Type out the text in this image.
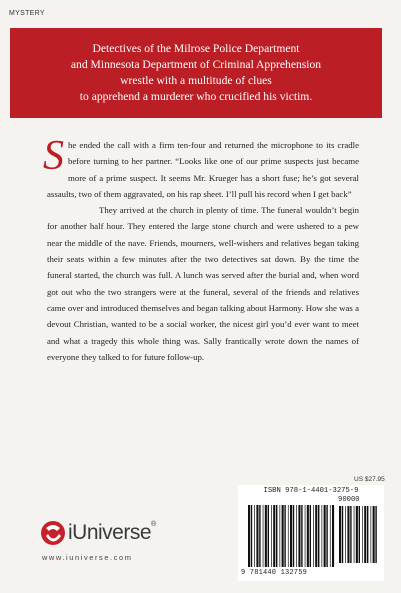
MYSTERY
Detectives of the Milrose Police Department
and Minnesota Department of Criminal Apprehension
wrestle with a multitude of clues
to apprehend a murderer who crucified his victim.

She ended the call with a firm ten-four and returned the microphone to its cradle before turning to her partner. “Looks like one of our prime suspects just became more of a prime suspect. It seems Mr. Krueger has a short fuse; he’s got several assaults, two of them aggravated, on his rap sheet. I’ll pull his record when I get back”

They arrived at the church in plenty of time. The funeral wouldn’t begin for another half hour. They entered the large stone church and were ushered to a pew near the middle of the nave. Friends, mourners, well-wishers and relatives began taking their seats within a few minutes after the two detectives sat down. By the time the funeral started, the church was full. A lunch was served after the burial and, when word got out who the two strangers were at the funeral, several of the friends and relatives came over and introduced themselves and began talking about Harmony. How she was a devout Christian, wanted to be a social worker, the nicest girl you’d ever want to meet and what a tragedy this whole thing was. Sally frantically wrote down the names of everyone they talked to for future follow-up.

US $27.95
ISBN 978-1-4401-3275-9
90000
9 781440 132759
iUniverse®
www.iuniverse.com
